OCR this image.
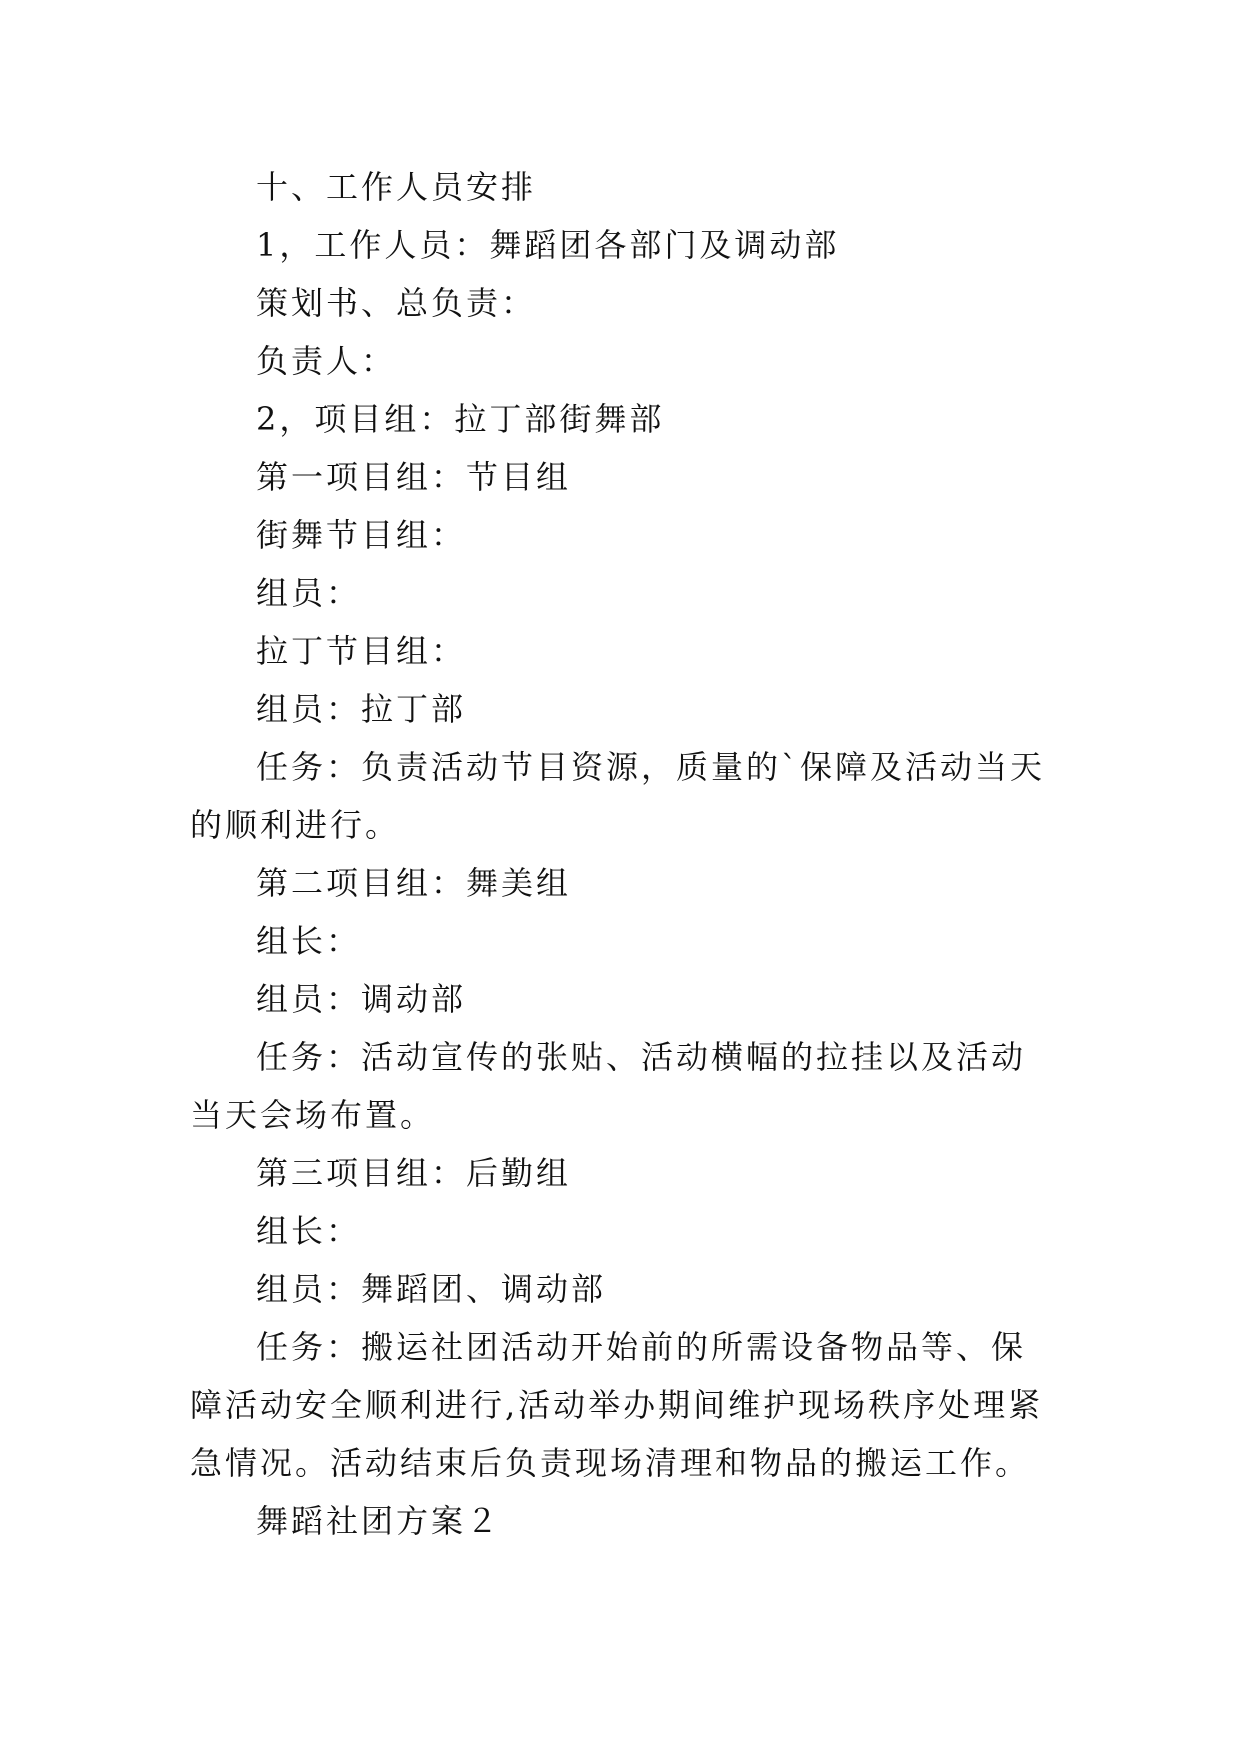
十、工作人员安排

1，工作人员：舞蹈团各部门及调动部

策划书、总负责：

负责人：

2，项目组：拉丁部街舞部

第一项目组：节目组

街舞节目组：

组员：

拉丁节目组：

组员：拉丁部

任务：负责活动节目资源，质量的`保障及活动当天的顺利进行。

第二项目组：舞美组

组长：

组员：调动部

任务：活动宣传的张贴、活动横幅的拉挂以及活动当天会场布置。

第三项目组：后勤组

组长：

组员：舞蹈团、调动部

任务：搬运社团活动开始前的所需设备物品等、保障活动安全顺利进行,活动举办期间维护现场秩序处理紧急情况。活动结束后负责现场清理和物品的搬运工作。

舞蹈社团方案２
